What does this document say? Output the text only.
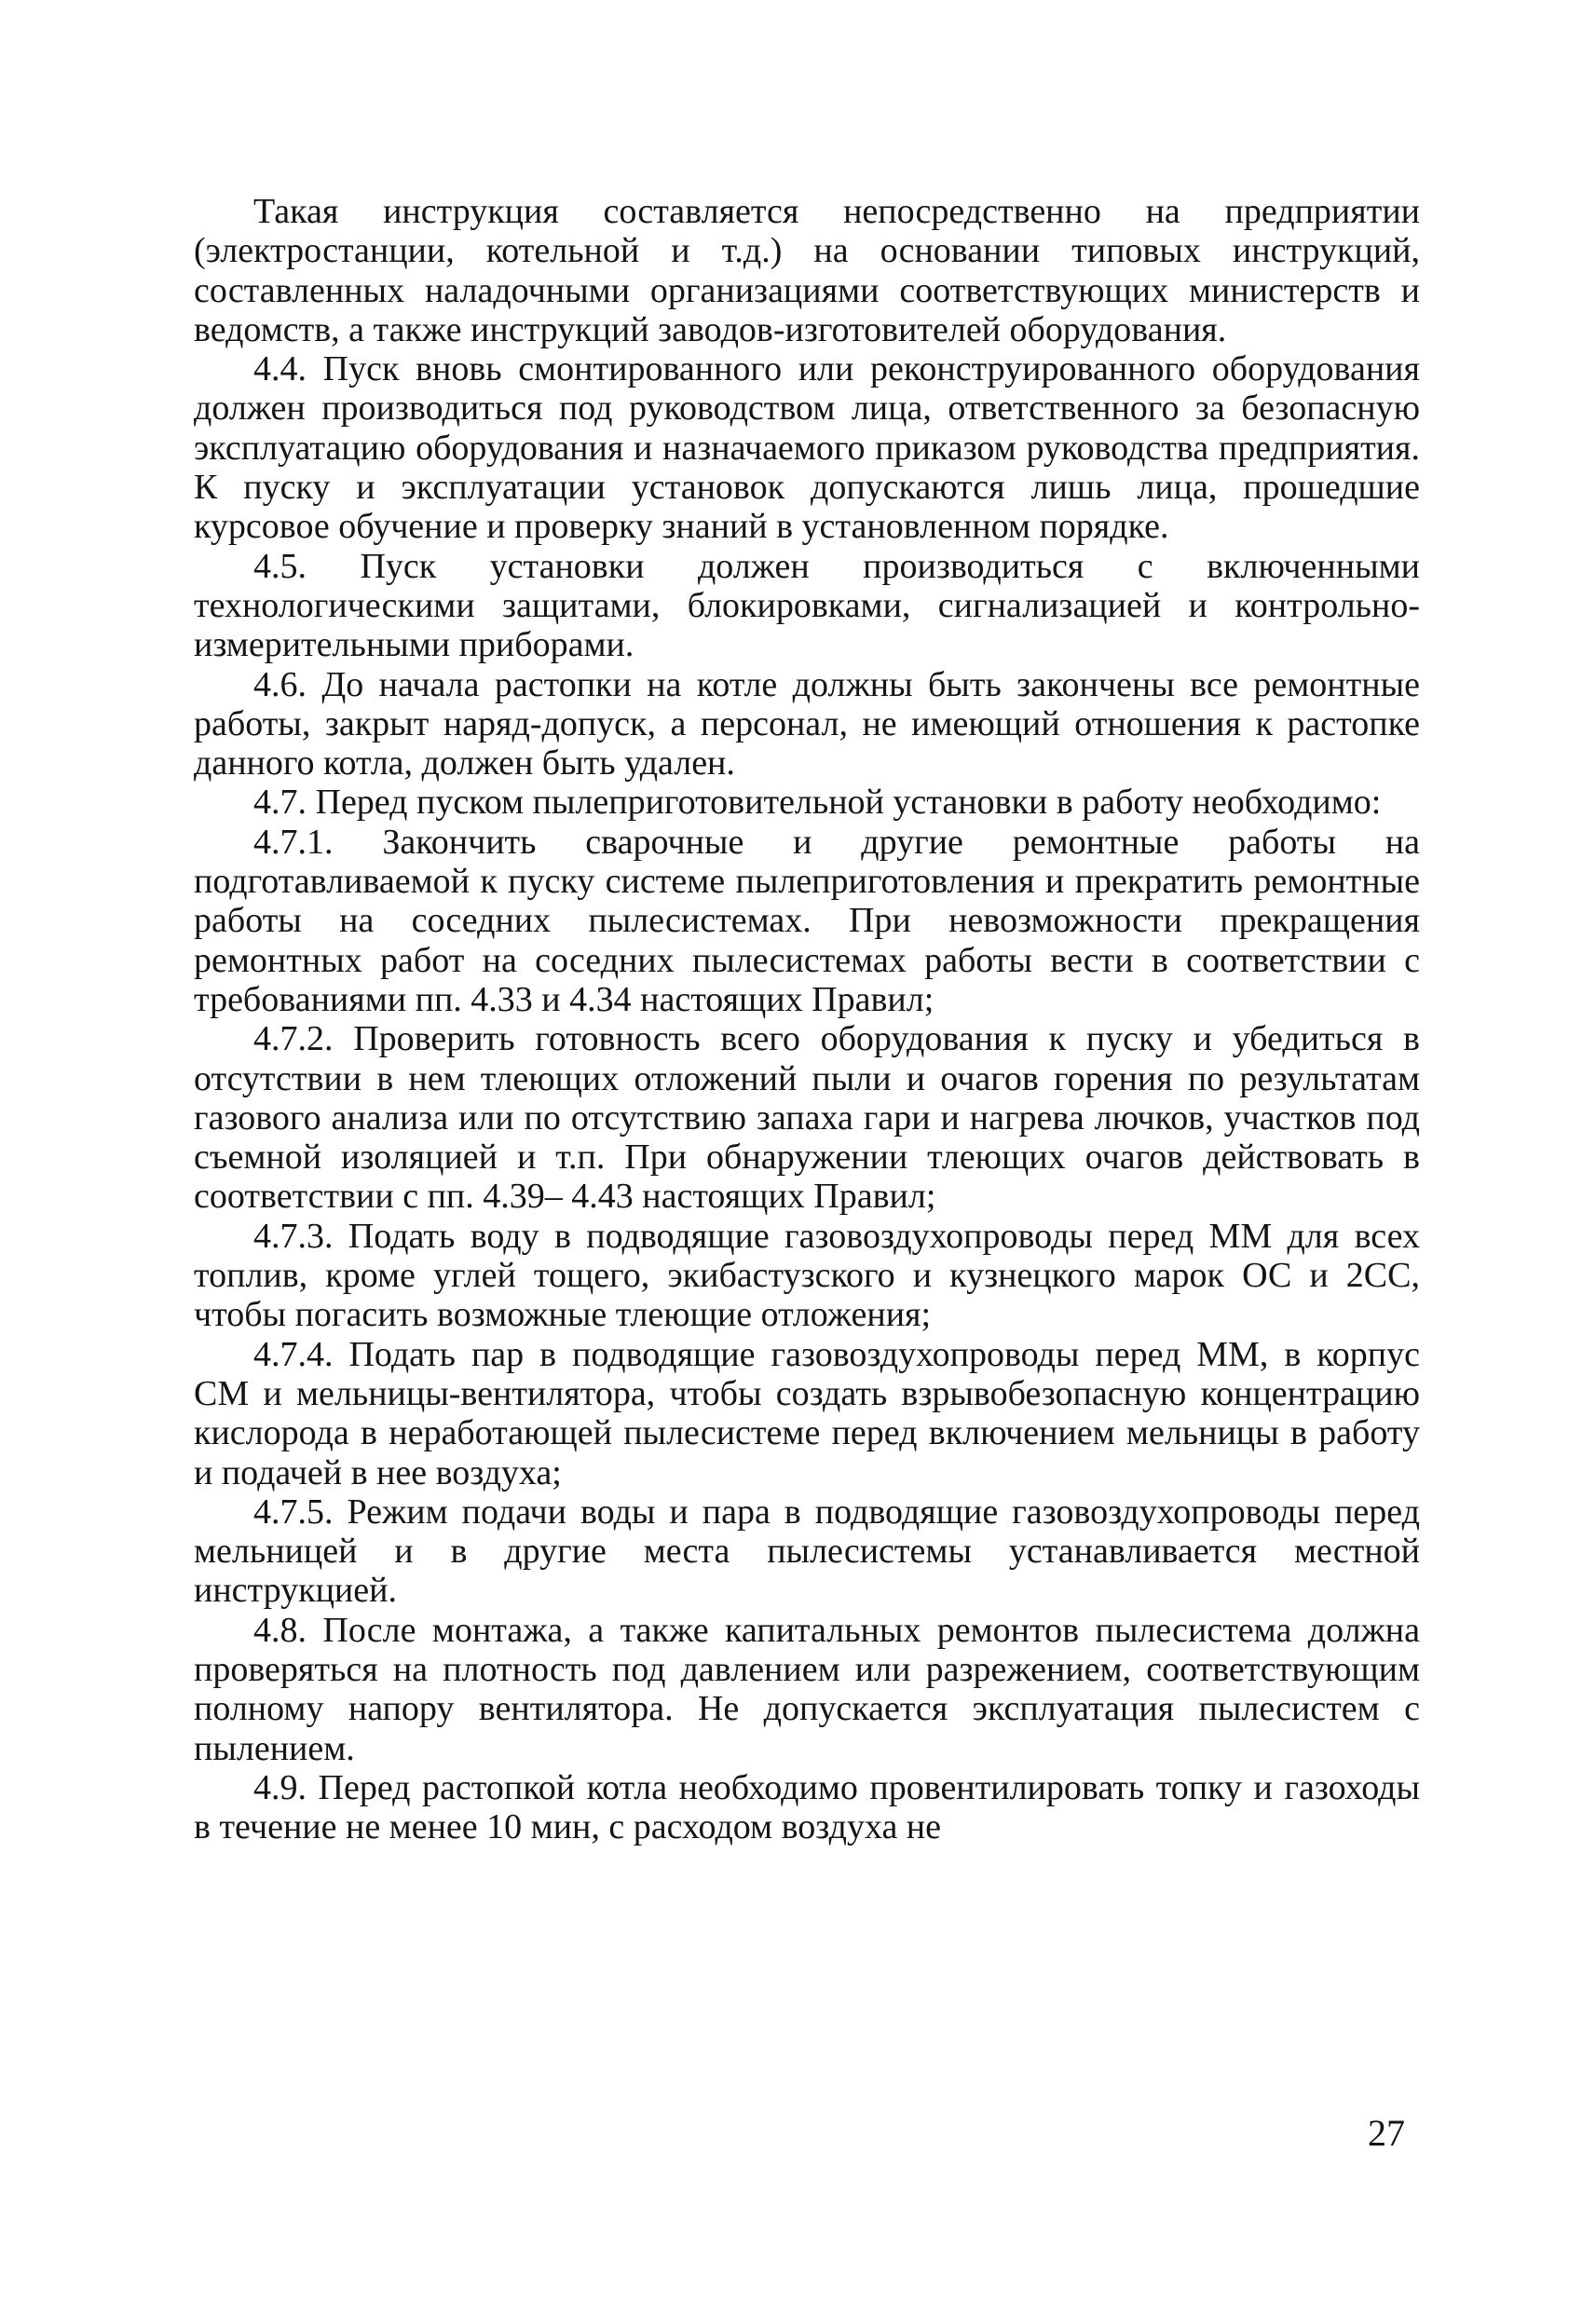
Такая инструкция составляется непосредственно на предприятии (электростанции, котельной и т.д.) на основании типовых инструкций, составленных наладочными организациями соответствующих министерств и ведомств, а также инструкций заводов-изготовителей оборудования.

4.4. Пуск вновь смонтированного или реконструированного оборудования должен производиться под руководством лица, ответственного за безопасную эксплуатацию оборудования и назначаемого приказом руководства предприятия. К пуску и эксплуатации установок допускаются лишь лица, прошедшие курсовое обучение и проверку знаний в установленном порядке.

4.5. Пуск установки должен производиться с включенными технологическими защитами, блокировками, сигнализацией и контрольно-измерительными приборами.

4.6. До начала растопки на котле должны быть закончены все ремонтные работы, закрыт наряд-допуск, а персонал, не имеющий отношения к растопке данного котла, должен быть удален.

4.7. Перед пуском пылеприготовительной установки в работу необходимо:

4.7.1. Закончить сварочные и другие ремонтные работы на подготавливаемой к пуску системе пылеприготовления и прекратить ремонтные работы на соседних пылесистемах. При невозможности прекращения ремонтных работ на соседних пылесистемах работы вести в соответствии с требованиями пп. 4.33 и 4.34 настоящих Правил;

4.7.2. Проверить готовность всего оборудования к пуску и убедиться в отсутствии в нем тлеющих отложений пыли и очагов горения по результатам газового анализа или по отсутствию запаха гари и нагрева лючков, участков под съемной изоляцией и т.п. При обнаружении тлеющих очагов действовать в соответствии с пп. 4.39– 4.43 настоящих Правил;

4.7.3. Подать воду в подводящие газовоздухопроводы перед ММ для всех топлив, кроме углей тощего, экибастузского и кузнецкого марок ОС и 2СС, чтобы погасить возможные тлеющие отложения;

4.7.4. Подать пар в подводящие газовоздухопроводы перед ММ, в корпус СМ и мельницы-вентилятора, чтобы создать взрывобезопасную концентрацию кислорода в неработающей пылесистеме перед включением мельницы в работу и подачей в нее воздуха;

4.7.5. Режим подачи воды и пара в подводящие газовоздухопроводы перед мельницей и в другие места пылесистемы устанавливается местной инструкцией.

4.8. После монтажа, а также капитальных ремонтов пылесистема должна проверяться на плотность под давлением или разрежением, соответствующим полному напору вентилятора. Не допускается эксплуатация пылесистем с пылением.

4.9. Перед растопкой котла необходимо провентилировать топку и газоходы в течение не менее 10 мин, с расходом воздуха не

27
